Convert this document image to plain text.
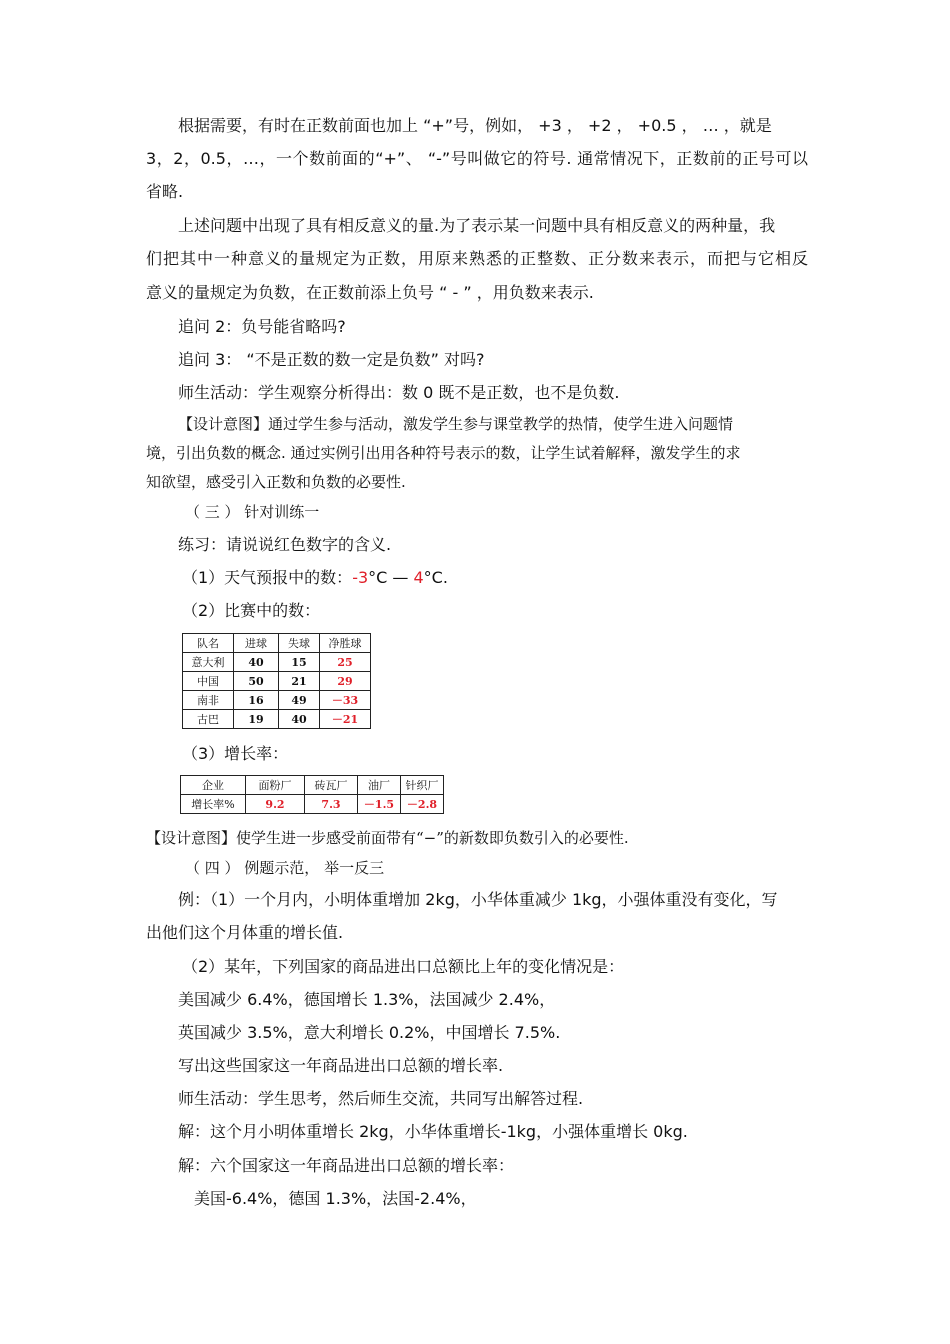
根据需要，有时在正数前面也加上 “+”号，例如， +3 ， +2 ， +0.5 ， … ，就是
3，2，0.5，…，一个数前面的“+”、 “-”号叫做它的符号. 通常情况下，正数前的正号可以
省略.
上述问题中出现了具有相反意义的量.为了表示某一问题中具有相反意义的两种量，我
们把其中一种意义的量规定为正数，用原来熟悉的正整数、正分数来表示，而把与它相反
意义的量规定为负数，在正数前添上负号 “ - ” ，用负数来表示.
追问 2：负号能省略吗?
追问 3： “不是正数的数一定是负数” 对吗?
师生活动：学生观察分析得出：数 0 既不是正数，也不是负数.
【设计意图】通过学生参与活动，激发学生参与课堂教学的热情，使学生进入问题情
境，引出负数的概念. 通过实例引出用各种符号表示的数，让学生试着解释，激发学生的求
知欲望，感受引入正数和负数的必要性.
（ 三 ） 针对训练一
练习：请说说红色数字的含义.
（1）天气预报中的数：-3°C — 4°C.
（2）比赛中的数：
队名	进球	失球	净胜球
意大利	40	15	25
中国	50	21	29
南非	16	49	－33
古巴	19	40	－21
（3）增长率：
企业	面粉厂	砖瓦厂	油厂	针织厂
增长率%	9.2	7.3	－1.5	－2.8
【设计意图】使学生进一步感受前面带有“−”的新数即负数引入的必要性.
（ 四 ） 例题示范， 举一反三
例：（1）一个月内，小明体重增加 2kg，小华体重减少 1kg，小强体重没有变化，写
出他们这个月体重的增长值.
（2）某年，下列国家的商品进出口总额比上年的变化情况是：
美国减少 6.4%，德国增长 1.3%，法国减少 2.4%，
英国减少 3.5%，意大利增长 0.2%，中国增长 7.5%.
写出这些国家这一年商品进出口总额的增长率.
师生活动：学生思考，然后师生交流，共同写出解答过程.
解：这个月小明体重增长 2kg，小华体重增长-1kg，小强体重增长 0kg.
解：六个国家这一年商品进出口总额的增长率：
美国-6.4%，德国 1.3%，法国-2.4%，
